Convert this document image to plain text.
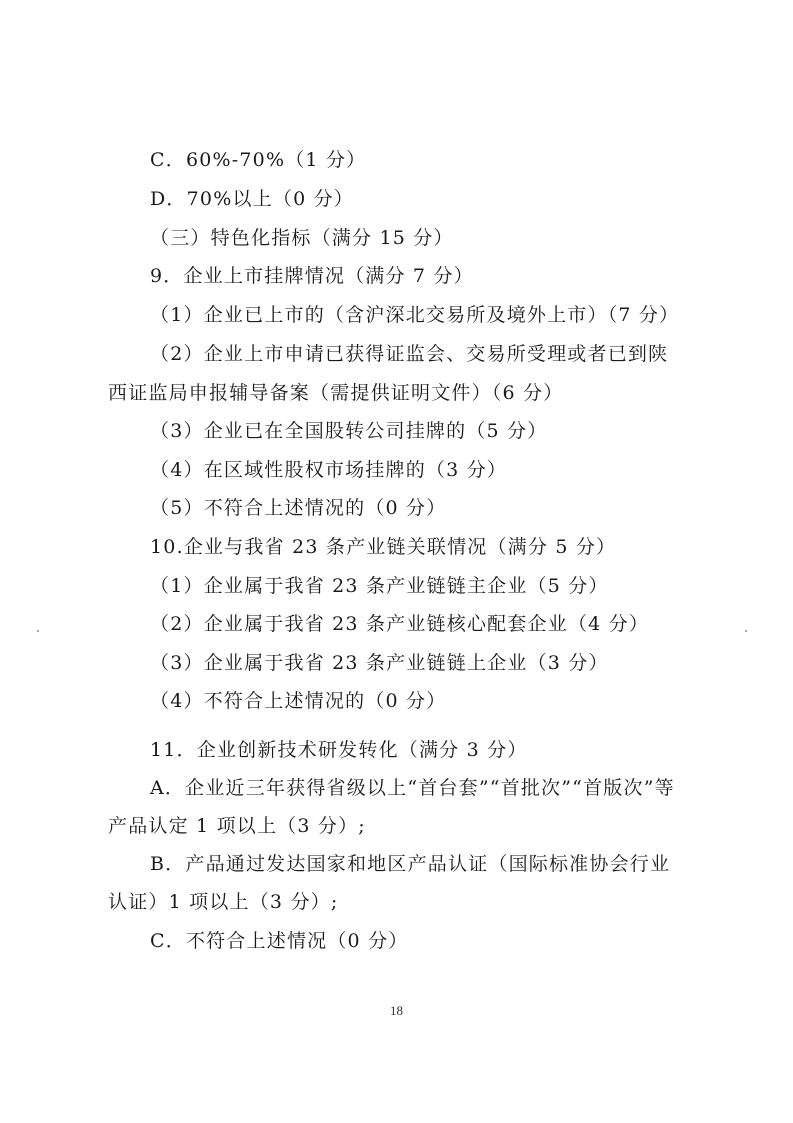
C．60%-70%（1 分）
D．70%以上（0 分）
（三）特色化指标（满分 15 分）
9．企业上市挂牌情况（满分 7 分）
（1）企业已上市的（含沪深北交易所及境外上市）（7 分）
（2）企业上市申请已获得证监会、交易所受理或者已到陕
西证监局申报辅导备案（需提供证明文件）（6 分）
（3）企业已在全国股转公司挂牌的（5 分）
（4）在区域性股权市场挂牌的（3 分）
（5）不符合上述情况的（0 分）
10.企业与我省 23 条产业链关联情况（满分 5 分）
（1）企业属于我省 23 条产业链链主企业（5 分）
（2）企业属于我省 23 条产业链核心配套企业（4 分）
（3）企业属于我省 23 条产业链链上企业（3 分）
（4）不符合上述情况的（0 分）
11．企业创新技术研发转化（满分 3 分）
A．企业近三年获得省级以上“首台套”“首批次”“首版次”等
产品认定 1 项以上（3 分）;
B．产品通过发达国家和地区产品认证（国际标准协会行业
认证）1 项以上（3 分）;
C．不符合上述情况（0 分）
18
